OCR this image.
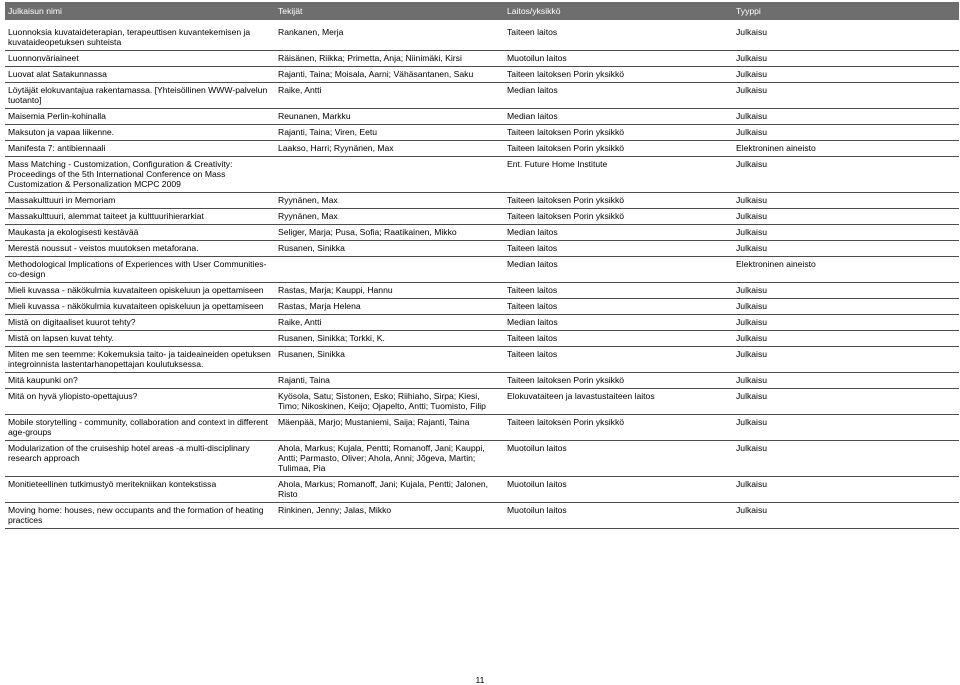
Julkaisun nimi	Tekijät	Laitos/yksikkö	Tyyppi
Luonnoksia kuvataideterapian, terapeuttisen kuvantekemisen ja kuvataideopetuksen suhteista	Rankanen, Merja	Taiteen laitos	Julkaisu
Luonnonväriaineet	Räisänen, Riikka; Primetta, Anja; Niinimäki, Kirsi	Muotoilun laitos	Julkaisu
Luovat alat Satakunnassa	Rajanti, Taina; Moisala, Aarni; Vähäsantanen, Saku	Taiteen laitoksen Porin yksikkö	Julkaisu
Löytäjät elokuvantajua rakentamassa. [Yhteisöllinen WWW-palvelun tuotanto]	Raike, Antti	Median laitos	Julkaisu
Maisemia Perlin-kohinalla	Reunanen, Markku	Median laitos	Julkaisu
Maksuton ja vapaa liikenne.	Rajanti, Taina; Viren, Eetu	Taiteen laitoksen Porin yksikkö	Julkaisu
Manifesta 7: antibiennaali	Laakso, Harri; Ryynänen, Max	Taiteen laitoksen Porin yksikkö	Elektroninen aineisto
Mass Matching - Customization, Configuration & Creativity: Proceedings of the 5th International Conference on Mass Customization & Personalization MCPC 2009		Ent. Future Home Institute	Julkaisu
Massakulttuuri in Memoriam	Ryynänen, Max	Taiteen laitoksen Porin yksikkö	Julkaisu
Massakulttuuri, alemmat taiteet ja kulttuurihierarkiat	Ryynänen, Max	Taiteen laitoksen Porin yksikkö	Julkaisu
Maukasta ja ekologisesti kestävää	Seliger, Marja; Pusa, Sofia; Raatikainen, Mikko	Median laitos	Julkaisu
Merestä noussut - veistos muutoksen metaforana.	Rusanen, Sinikka	Taiteen laitos	Julkaisu
Methodological Implications of Experiences with User Communities- co-design		Median laitos	Elektroninen aineisto
Mieli kuvassa - näkökulmia kuvataiteen opiskeluun ja opettamiseen	Rastas, Marja; Kauppi, Hannu	Taiteen laitos	Julkaisu
Mieli kuvassa - näkökulmia kuvataiteen opiskeluun ja opettamiseen	Rastas, Marja Helena	Taiteen laitos	Julkaisu
Mistä on digitaaliset kuurot tehty?	Raike, Antti	Median laitos	Julkaisu
Mistä on lapsen kuvat tehty.	Rusanen, Sinikka; Torkki, K.	Taiteen laitos	Julkaisu
Miten me sen teemme: Kokemuksia taito- ja taideaineiden opetuksen integroinnista lastentarhanopettajan koulutuksessa.	Rusanen, Sinikka	Taiteen laitos	Julkaisu
Mitä kaupunki on?	Rajanti, Taina	Taiteen laitoksen Porin yksikkö	Julkaisu
Mitä on hyvä yliopisto-opettajuus?	Kyösola, Satu; Sistonen, Esko; Riihiaho, Sirpa; Kiesi, Timo; Nikoskinen, Keijo; Ojapelto, Antti; Tuomisto, Filip	Elokuvataiteen ja lavastustaiteen laitos	Julkaisu
Mobile storytelling - community, collaboration and context in different age-groups	Mäenpää, Marjo; Mustaniemi, Saija; Rajanti, Taina	Taiteen laitoksen Porin yksikkö	Julkaisu
Modularization of the cruiseship hotel areas -a multi-disciplinary research approach	Ahola, Markus; Kujala, Pentti; Romanoff, Jani; Kauppi, Antti; Parmasto, Oliver; Ahola, Anni; Jõgeva, Martin; Tulimaa, Pia	Muotoilun laitos	Julkaisu
Monitieteellinen tutkimustyö meritekniikan kontekstissa	Ahola, Markus; Romanoff, Jani; Kujala, Pentti; Jalonen, Risto	Muotoilun laitos	Julkaisu
Moving home: houses, new occupants and the formation of heating practices	Rinkinen, Jenny; Jalas, Mikko	Muotoilun laitos	Julkaisu
11
